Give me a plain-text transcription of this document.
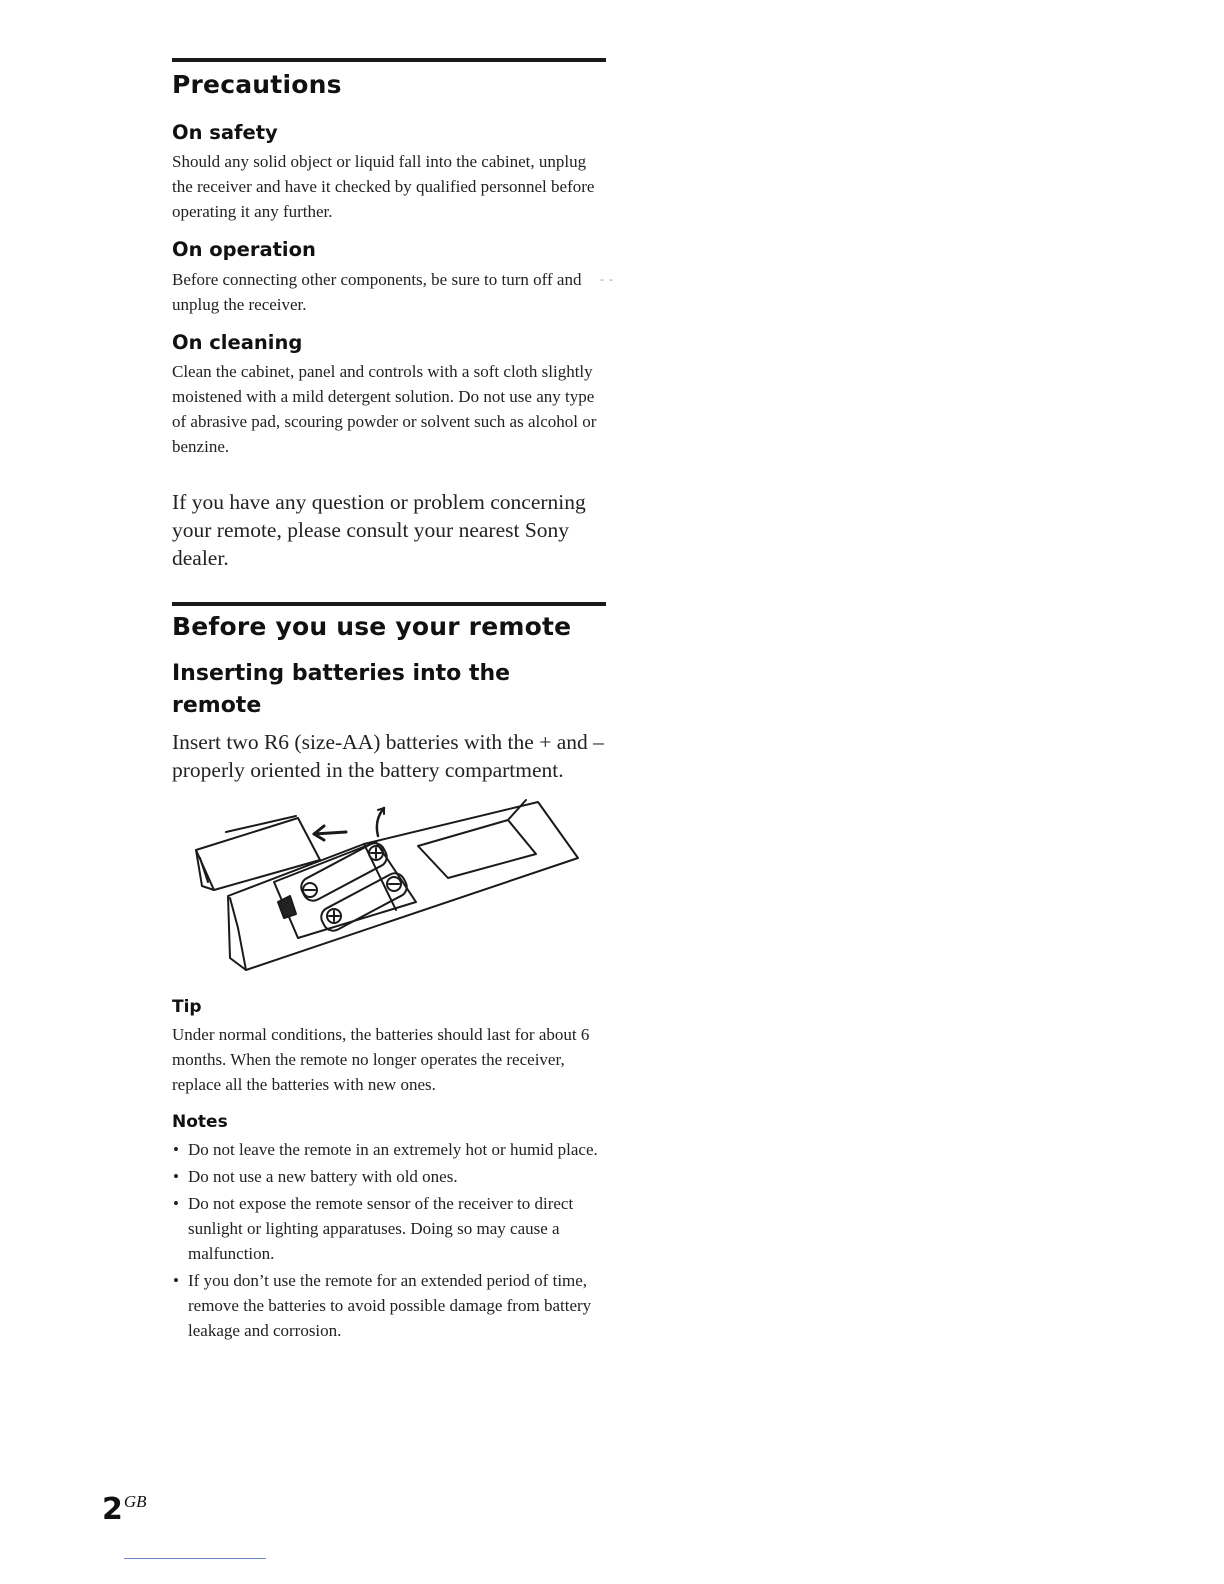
Precautions
On safety

Should any solid object or liquid fall into the cabinet, unplug the receiver and have it checked by qualified personnel before operating it any further.

On operation

Before connecting other components, be sure to turn off and unplug the receiver.

- -
On cleaning

Clean the cabinet, panel and controls with a soft cloth slightly moistened with a mild detergent solution. Do not use any type of abrasive pad, scouring powder or solvent such as alcohol or benzine.

If you have any question or problem concerning your remote, please consult your nearest Sony dealer.

Before you use your remote
Inserting batteries into the remote

Insert two R6 (size-AA) batteries with the + and – properly oriented in the battery compartment.

Tip

Under normal conditions, the batteries should last for about 6 months. When the remote no longer operates the receiver, replace all the batteries with new ones.

Notes
• Do not leave the remote in an extremely hot or humid place.
• Do not use a new battery with old ones.
• Do not expose the remote sensor of the receiver to direct sunlight or lighting apparatuses. Doing so may cause a malfunction.
• If you don’t use the remote for an extended period of time, remove the batteries to avoid possible damage from battery leakage and corrosion.
$2^{GB}$
